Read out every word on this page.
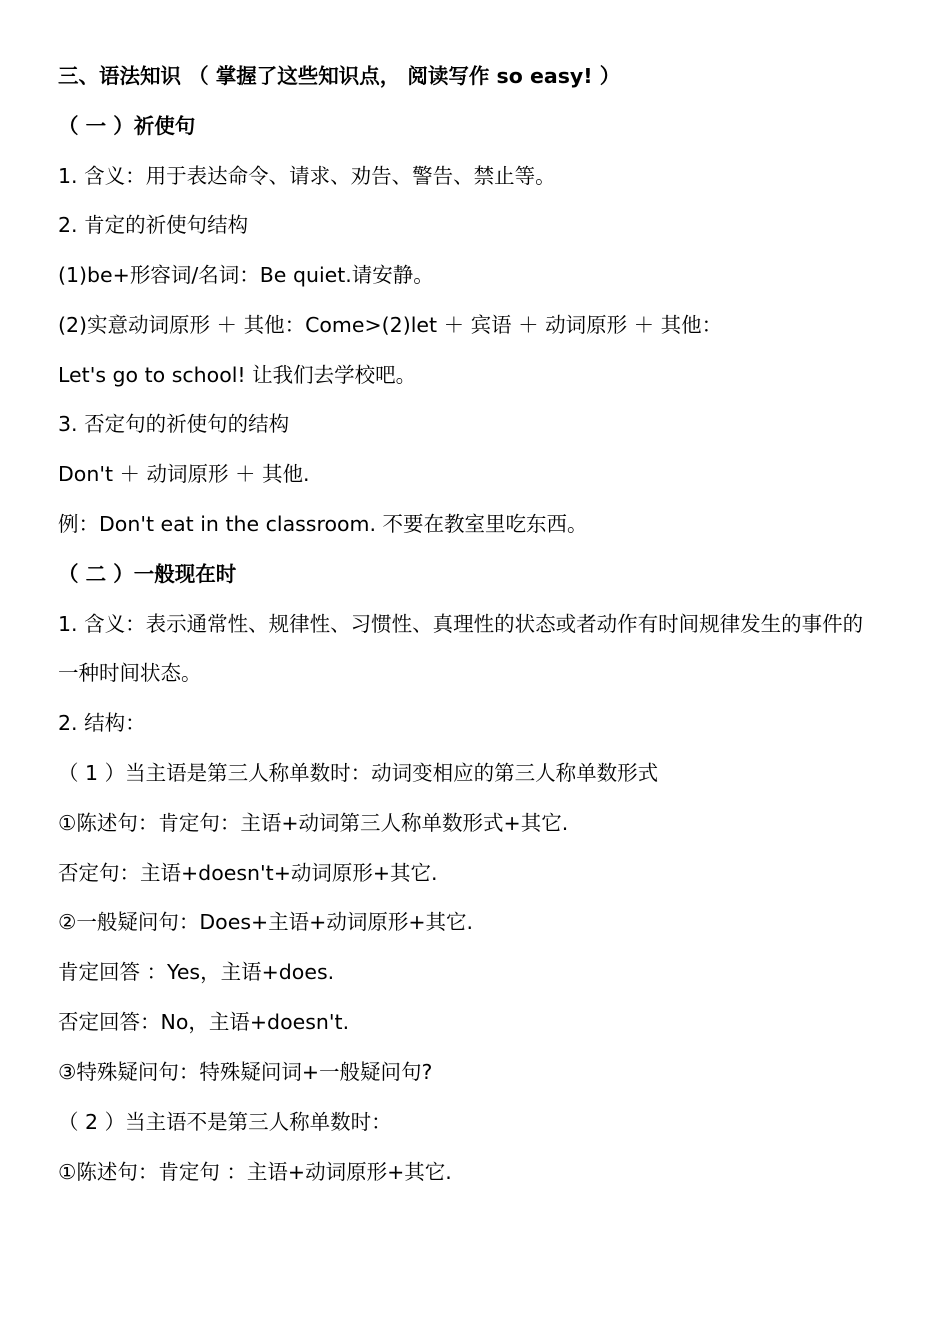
三、语法知识 （ 掌握了这些知识点， 阅读写作 so easy! ）
（ 一 ）祈使句
1. 含义：用于表达命令、请求、劝告、警告、禁止等。
2. 肯定的祈使句结构
(1)be+形容词/名词：Be quiet.请安静。
(2)实意动词原形 ＋ 其他：Come>(2)let ＋ 宾语 ＋ 动词原形 ＋ 其他：
Let's go to school! 让我们去学校吧。
3. 否定句的祈使句的结构
Don't ＋ 动词原形 ＋ 其他.
例：Don't eat in the classroom. 不要在教室里吃东西。
（ 二 ）一般现在时
1. 含义：表示通常性、规律性、习惯性、真理性的状态或者动作有时间规律发生的事件的
一种时间状态。
2. 结构：
（ 1 ）当主语是第三人称单数时：动词变相应的第三人称单数形式
①陈述句：肯定句：主语+动词第三人称单数形式+其它.
否定句：主语+doesn't+动词原形+其它.
②一般疑问句：Does+主语+动词原形+其它.
肯定回答 ：Yes，主语+does.
否定回答：No，主语+doesn't.
③特殊疑问句：特殊疑问词+一般疑问句?
（ 2 ）当主语不是第三人称单数时：
①陈述句：肯定句 ：主语+动词原形+其它.
